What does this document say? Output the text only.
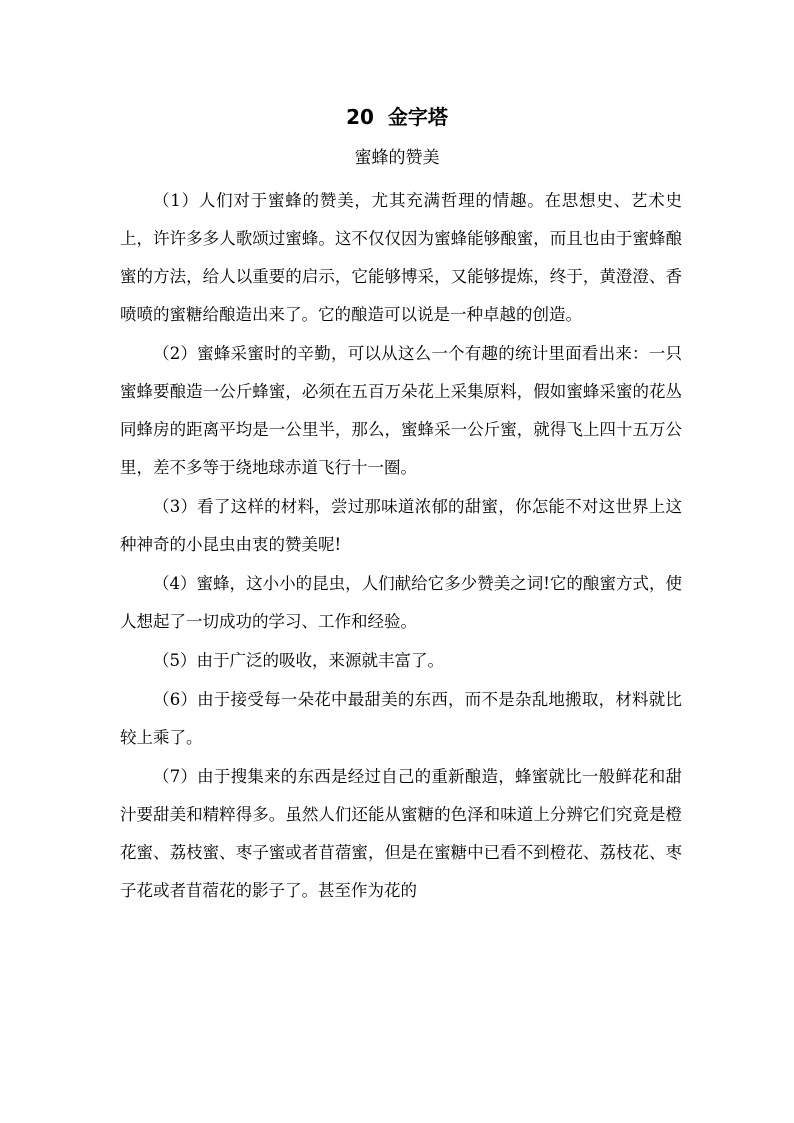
20 金字塔
蜜蜂的赞美

（1）人们对于蜜蜂的赞美，尤其充满哲理的情趣。在思想史、艺术史上，许许多多人歌颂过蜜蜂。这不仅仅因为蜜蜂能够酿蜜，而且也由于蜜蜂酿蜜的方法，给人以重要的启示，它能够博采，又能够提炼，终于，黄澄澄、香喷喷的蜜糖给酿造出来了。它的酿造可以说是一种卓越的创造。

（2）蜜蜂采蜜时的辛勤，可以从这么一个有趣的统计里面看出来：一只蜜蜂要酿造一公斤蜂蜜，必须在五百万朵花上采集原料，假如蜜蜂采蜜的花丛同蜂房的距离平均是一公里半，那么，蜜蜂采一公斤蜜，就得飞上四十五万公里，差不多等于绕地球赤道飞行十一圈。

（3）看了这样的材料，尝过那味道浓郁的甜蜜，你怎能不对这世界上这种神奇的小昆虫由衷的赞美呢!

（4）蜜蜂，这小小的昆虫，人们献给它多少赞美之词!它的酿蜜方式，使人想起了一切成功的学习、工作和经验。

（5）由于广泛的吸收，来源就丰富了。

（6）由于接受每一朵花中最甜美的东西，而不是杂乱地搬取，材料就比较上乘了。

（7）由于搜集来的东西是经过自己的重新酿造，蜂蜜就比一般鲜花和甜汁要甜美和精粹得多。虽然人们还能从蜜糖的色泽和味道上分辨它们究竟是橙花蜜、荔枝蜜、枣子蜜或者苜蓿蜜，但是在蜜糖中已看不到橙花、荔枝花、枣子花或者苜蓿花的影子了。甚至作为花的
